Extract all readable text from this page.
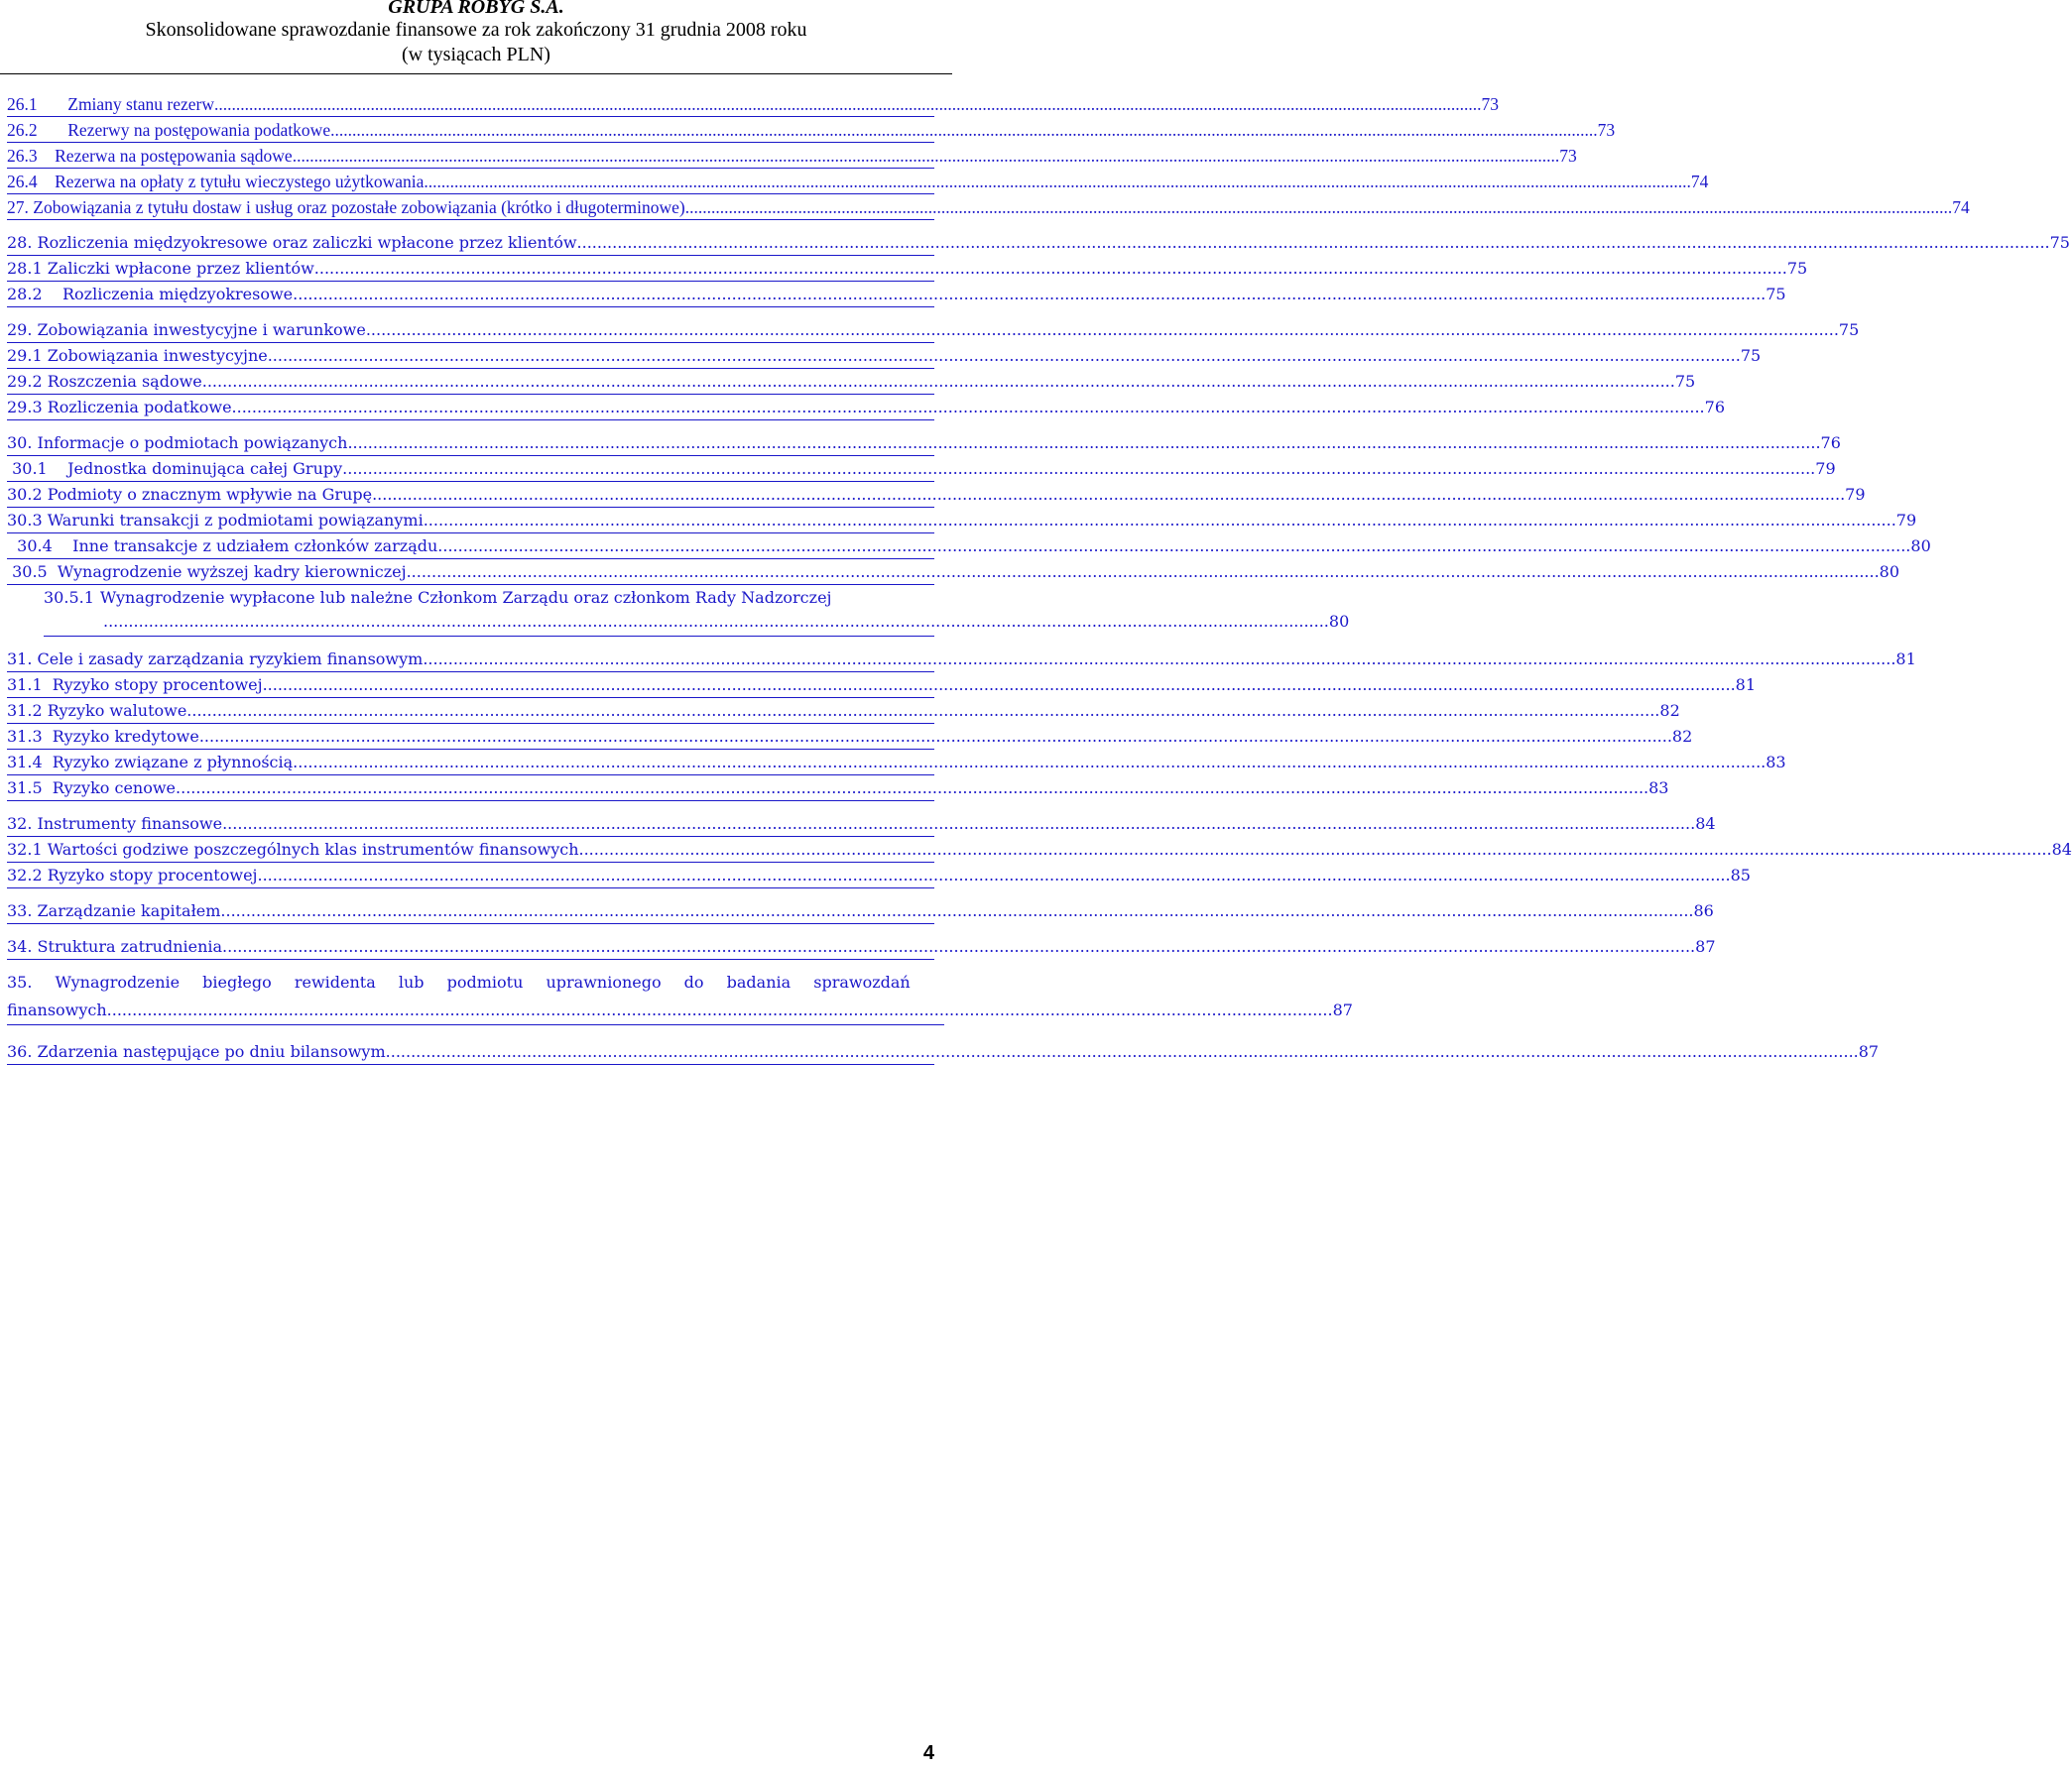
GRUPA ROBYG S.A.
Skonsolidowane sprawozdanie finansowe za rok zakończony 31 grudnia 2008 roku
(w tysiącach PLN)
26.1 Zmiany stanu rezerw .....	73
26.2 Rezerwy na postępowania podatkowe .....	73
26.3 Rezerwa na postępowania sądowe .....	73
26.4 Rezerwa na opłaty z tytułu wieczystego użytkowania .....	74
27. Zobowiązania z tytułu dostaw i usług oraz pozostałe zobowiązania (krótko i długoterminowe) .....	74
28. Rozliczenia międzyokresowe oraz zaliczki wpłacone przez klientów .....	75
28.1 Zaliczki wpłacone przez klientów .....	75
28.2 Rozliczenia międzyokresowe .....	75
29. Zobowiązania inwestycyjne i warunkowe .....	75
29.1 Zobowiązania inwestycyjne .....	75
29.2 Roszczenia sądowe .....	75
29.3 Rozliczenia podatkowe .....	76
30. Informacje o podmiotach powiązanych .....	76
30.1 Jednostka dominująca całej Grupy .....	79
30.2 Podmioty o znacznym wpływie na Grupę .....	79
30.3 Warunki transakcji z podmiotami powiązanymi .....	79
30.4 Inne transakcje z udziałem członków zarządu .....	80
30.5 Wynagrodzenie wyższej kadry kierowniczej .....	80
30.5.1 Wynagrodzenie wypłacone lub należne Członkom Zarządu oraz członkom Rady Nadzorczej
................................................................................................................................................................................................................................................... 80
31. Cele i zasady zarządzania ryzykiem finansowym .....	81
31.1 Ryzyko stopy procentowej .....	81
31.2 Ryzyko walutowe .....	82
31.3 Ryzyko kredytowe .....	82
31.4 Ryzyko związane z płynnością .....	83
31.5 Ryzyko cenowe .....	83
32. Instrumenty finansowe .....	84
32.1 Wartości godziwe poszczególnych klas instrumentów finansowych .....	84
32.2 Ryzyko stopy procentowej .....	85
33. Zarządzanie kapitałem .....	86
34. Struktura zatrudnienia .....	87
35. Wynagrodzenie biegłego rewidenta lub podmiotu uprawnionego do badania sprawozdań
finansowych ................................................................................................................................................................................................................................................... 87
36. Zdarzenia następujące po dniu bilansowym .....	87
4
